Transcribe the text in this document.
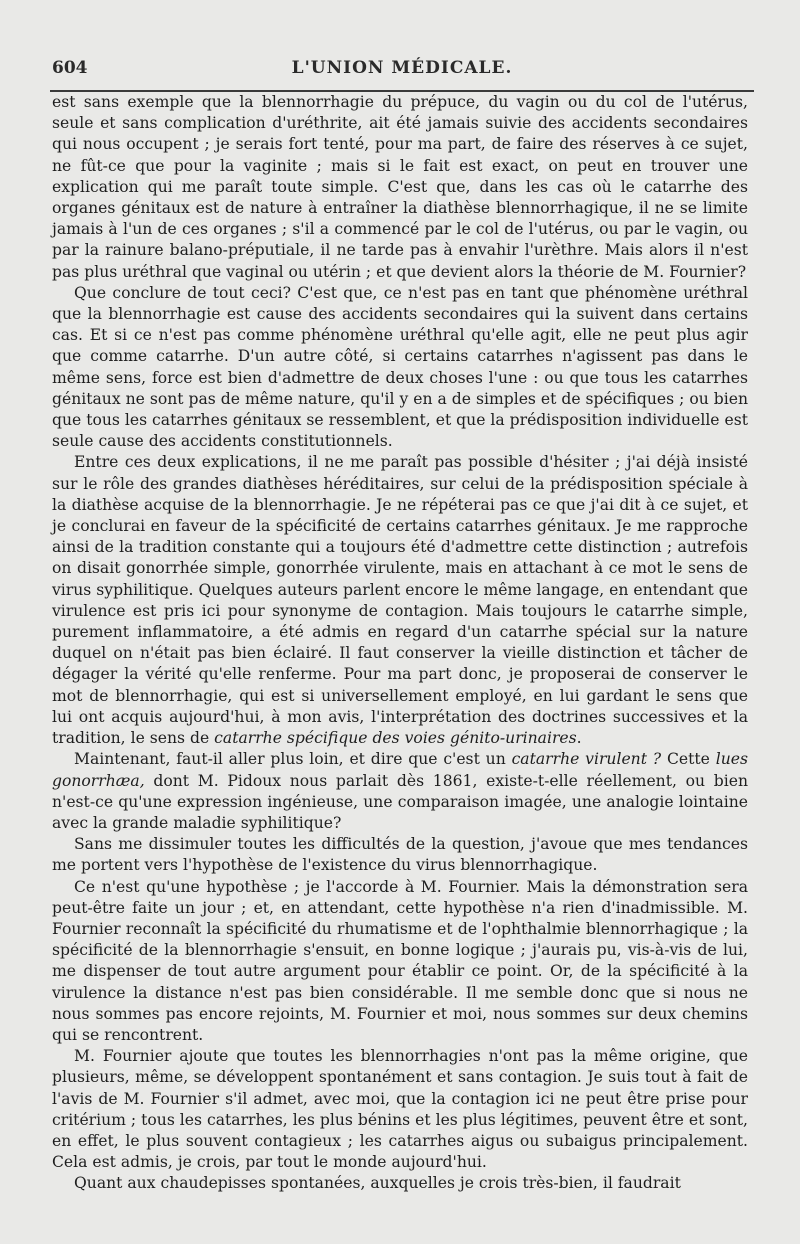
604	L'UNION MÉDICALE.

est sans exemple que la blennorrhagie du prépuce, du vagin ou du col de l'utérus, seule et sans complication d'uréthrite, ait été jamais suivie des accidents secondaires qui nous occupent ; je serais fort tenté, pour ma part, de faire des réserves à ce sujet, ne fût-ce que pour la vaginite ; mais si le fait est exact, on peut en trouver une explication qui me paraît toute simple. C'est que, dans les cas où le catarrhe des organes génitaux est de nature à entraîner la diathèse blennorrhagique, il ne se limite jamais à l'un de ces organes ; s'il a commencé par le col de l'utérus, ou par le vagin, ou par la rainure balano-préputiale, il ne tarde pas à envahir l'urèthre. Mais alors il n'est pas plus uréthral que vaginal ou utérin ; et que devient alors la théorie de M. Fournier?

Que conclure de tout ceci? C'est que, ce n'est pas en tant que phénomène uréthral que la blennorrhagie est cause des accidents secondaires qui la suivent dans certains cas. Et si ce n'est pas comme phénomène uréthral qu'elle agit, elle ne peut plus agir que comme catarrhe. D'un autre côté, si certains catarrhes n'agissent pas dans le même sens, force est bien d'admettre de deux choses l'une : ou que tous les catarrhes génitaux ne sont pas de même nature, qu'il y en a de simples et de spécifiques ; ou bien que tous les catarrhes génitaux se ressemblent, et que la prédisposition individuelle est seule cause des accidents constitutionnels.

Entre ces deux explications, il ne me paraît pas possible d'hésiter ; j'ai déjà insisté sur le rôle des grandes diathèses héréditaires, sur celui de la prédisposition spéciale à la diathèse acquise de la blennorrhagie. Je ne répéterai pas ce que j'ai dit à ce sujet, et je conclurai en faveur de la spécificité de certains catarrhes génitaux. Je me rapproche ainsi de la tradition constante qui a toujours été d'admettre cette distinction ; autrefois on disait gonorrhée simple, gonorrhée virulente, mais en attachant à ce mot le sens de virus syphilitique. Quelques auteurs parlent encore le même langage, en entendant que virulence est pris ici pour synonyme de contagion. Mais toujours le catarrhe simple, purement inflammatoire, a été admis en regard d'un catarrhe spécial sur la nature duquel on n'était pas bien éclairé. Il faut conserver la vieille distinction et tâcher de dégager la vérité qu'elle renferme. Pour ma part donc, je proposerai de conserver le mot de blennorrhagie, qui est si universellement employé, en lui gardant le sens que lui ont acquis aujourd'hui, à mon avis, l'interprétation des doctrines successives et la tradition, le sens de catarrhe spécifique des voies génito-urinaires.

Maintenant, faut-il aller plus loin, et dire que c'est un catarrhe virulent ? Cette lues gonorrhæa, dont M. Pidoux nous parlait dès 1861, existe-t-elle réellement, ou bien n'est-ce qu'une expression ingénieuse, une comparaison imagée, une analogie lointaine avec la grande maladie syphilitique?

Sans me dissimuler toutes les difficultés de la question, j'avoue que mes tendances me portent vers l'hypothèse de l'existence du virus blennorrhagique.

Ce n'est qu'une hypothèse ; je l'accorde à M. Fournier. Mais la démonstration sera peut-être faite un jour ; et, en attendant, cette hypothèse n'a rien d'inadmissible. M. Fournier reconnaît la spécificité du rhumatisme et de l'ophthalmie blennorrhagique ; la spécificité de la blennorrhagie s'ensuit, en bonne logique ; j'aurais pu, vis-à-vis de lui, me dispenser de tout autre argument pour établir ce point. Or, de la spécificité à la virulence la distance n'est pas bien considérable. Il me semble donc que si nous ne nous sommes pas encore rejoints, M. Fournier et moi, nous sommes sur deux chemins qui se rencontrent.

M. Fournier ajoute que toutes les blennorrhagies n'ont pas la même origine, que plusieurs, même, se développent spontanément et sans contagion. Je suis tout à fait de l'avis de M. Fournier s'il admet, avec moi, que la contagion ici ne peut être prise pour critérium ; tous les catarrhes, les plus bénins et les plus légitimes, peuvent être et sont, en effet, le plus souvent contagieux ; les catarrhes aigus ou subaigus principalement. Cela est admis, je crois, par tout le monde aujourd'hui.

Quant aux chaudepisses spontanées, auxquelles je crois très-bien, il faudrait
